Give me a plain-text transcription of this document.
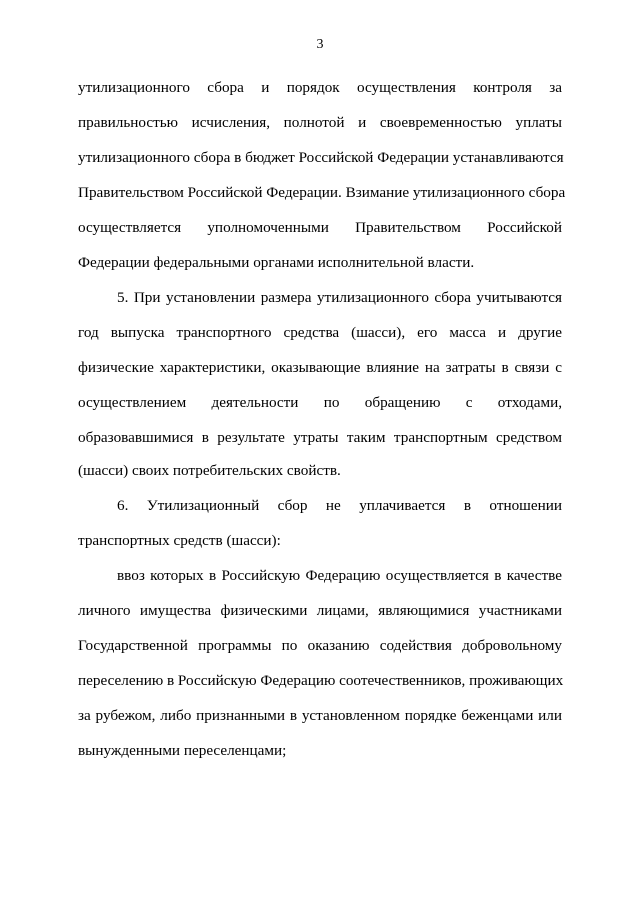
3
утилизационного сбора и порядок осуществления контроля за
правильностью исчисления, полнотой и своевременностью уплаты
утилизационного сбора в бюджет Российской Федерации устанавливаются
Правительством Российской Федерации. Взимание утилизационного сбора
осуществляется уполномоченными Правительством Российской
Федерации федеральными органами исполнительной власти.
5. При установлении размера утилизационного сбора учитываются
год выпуска транспортного средства (шасси), его масса и другие
физические характеристики, оказывающие влияние на затраты в связи с
осуществлением деятельности по обращению с отходами,
образовавшимися в результате утраты таким транспортным средством
(шасси) своих потребительских свойств.
6. Утилизационный сбор не уплачивается в отношении
транспортных средств (шасси):
ввоз которых в Российскую Федерацию осуществляется в качестве
личного имущества физическими лицами, являющимися участниками
Государственной программы по оказанию содействия добровольному
переселению в Российскую Федерацию соотечественников, проживающих
за рубежом, либо признанными в установленном порядке беженцами или
вынужденными переселенцами;
